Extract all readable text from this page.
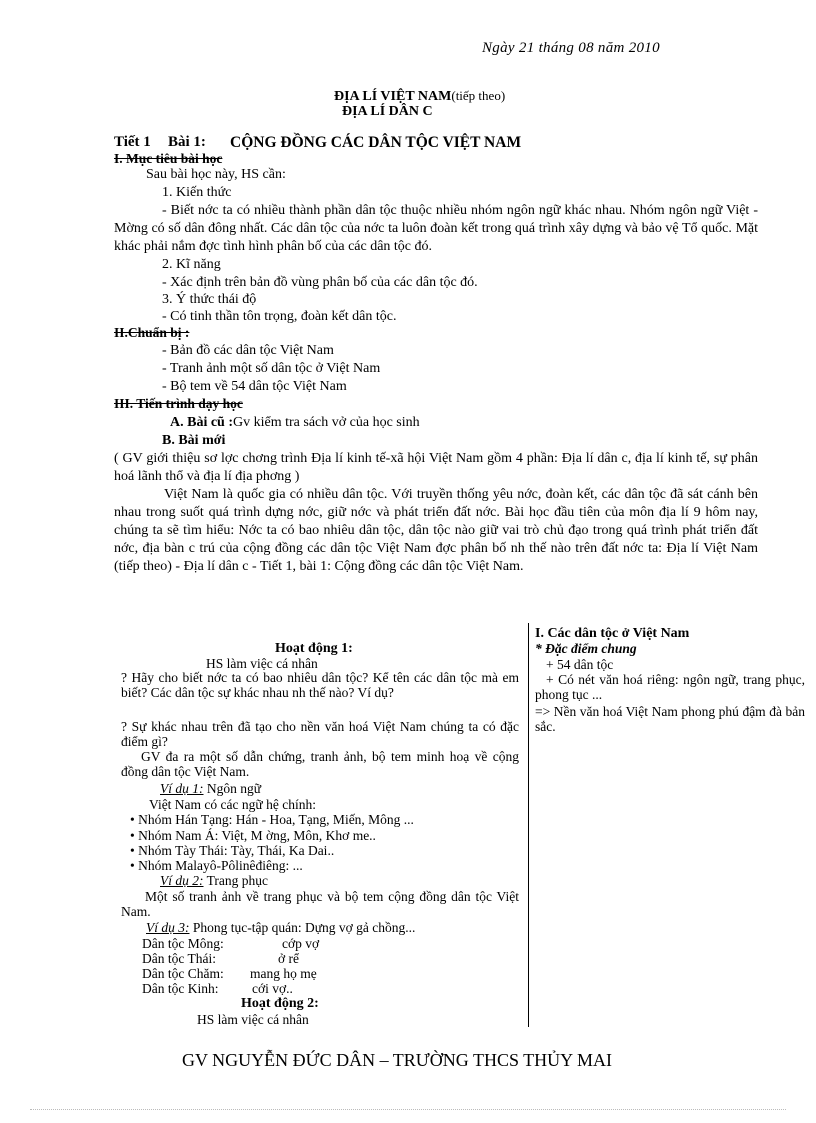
Ngày 21 tháng 08 năm 2010
ĐỊA LÍ VIỆT NAM(tiếp theo)
ĐỊA LÍ DÂN C
Tiết 1 Bài 1: CỘNG ĐỒNG CÁC DÂN TỘC VIỆT NAM
I. Mục tiêu bài học
Sau bài học này, HS cần:
1. Kiến thức
- Biết nớc ta có nhiều thành phần dân tộc thuộc nhiều nhóm ngôn ngữ khác nhau. Nhóm ngôn ngữ Việt - Mờng có số dân đông nhất. Các dân tộc của nớc ta luôn đoàn kết trong quá trình xây dựng và bảo vệ Tổ quốc. Mặt khác phải nắm đợc tình hình phân bố của các dân tộc đó.
2. Kĩ năng
- Xác định trên bản đồ vùng phân bố của các dân tộc đó.
3. Ý thức thái độ
- Có tinh thần tôn trọng, đoàn kết dân tộc.
II.Chuẩn bị :
- Bản đồ các dân tộc Việt Nam
- Tranh ảnh một số dân tộc ở Việt Nam
- Bộ tem về 54 dân tộc Việt Nam
III. Tiến trình dạy học
A. Bài cũ :Gv kiểm tra sách vở của học sinh
B. Bài mới
( GV giới thiệu sơ lợc chơng trình Địa lí kinh tế-xã hội Việt Nam gồm 4 phần: Địa lí dân c, địa lí kinh tế, sự phân hoá lãnh thổ và địa lí địa phơng )
Việt Nam là quốc gia có nhiều dân tộc. Với truyền thống yêu nớc, đoàn kết, các dân tộc đã sát cánh bên nhau trong suốt quá trình dựng nớc, giữ nớc và phát triển đất nớc. Bài học đầu tiên của môn địa lí 9 hôm nay, chúng ta sẽ tìm hiểu: Nớc ta có bao nhiêu dân tộc, dân tộc nào giữ vai trò chủ đạo trong quá trình phát triển đất nớc, địa bàn c trú của cộng đồng các dân tộc Việt Nam đợc phân bố nh thế nào trên đất nớc ta: Địa lí Việt Nam (tiếp theo) - Địa lí dân c - Tiết 1, bài 1: Cộng đồng các dân tộc Việt Nam.
Hoạt động 1:
HS làm việc cá nhân
? Hãy cho biết nớc ta có bao nhiêu dân tộc? Kể tên các dân tộc mà em biết? Các dân tộc sự khác nhau nh thế nào? Ví dụ?
? Sự khác nhau trên đã tạo cho nền văn hoá Việt Nam chúng ta có đặc điểm gì?
GV đa ra một số dẫn chứng, tranh ảnh, bộ tem minh hoạ về cộng đồng dân tộc Việt Nam.
Ví dụ 1: Ngôn ngữ
Việt Nam có các ngữ hệ chính:
• Nhóm Hán Tạng: Hán - Hoa, Tạng, Miến, Mông ...
• Nhóm Nam Á: Việt, M ờng, Môn, Khơ me..
• Nhóm Tày Thái: Tày, Thái, Ka Dai..
• Nhóm Malayô-Pôlinêđiêng: ...
Ví dụ 2: Trang phục
Một số tranh ảnh về trang phục và bộ tem cộng đồng dân tộc Việt Nam.
Ví dụ 3: Phong tục-tập quán: Dựng vợ gả chồng...
Dân tộc Mông:	cớp vợ
Dân tộc Thái:	ở rể
Dân tộc Chăm: mang họ mẹ
Dân tộc Kinh: cới vợ..
Hoạt động 2:
HS làm việc cá nhân
I. Các dân tộc ở Việt Nam
* Đặc điểm chung
+ 54 dân tộc
+ Có nét văn hoá riêng: ngôn ngữ, trang phục, phong tục ...
=> Nền văn hoá Việt Nam phong phú đậm đà bản sắc.
GV NGUYỄN ĐỨC DÂN – TRƯỜNG THCS THỦY MAI
